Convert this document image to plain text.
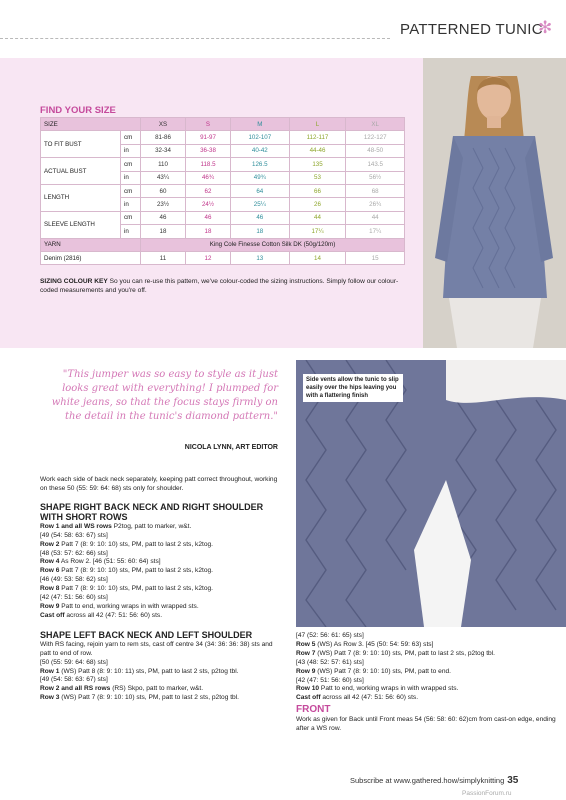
PATTERNED TUNIC
✻
FIND YOUR SIZE
SIZE		XS	S	M	L	XL
TO FIT BUST	cm	81-86	91-97	102-107	112-117	122-127
	in	32-34	36-38	40-42	44-46	48-50
ACTUAL BUST	cm	110	118.5	126.5	135	143.5
	in	43¼	46¾	49¾	53	56½
LENGTH	cm	60	62	64	66	68
	in	23½	24½	25¼	26	26¾
SLEEVE LENGTH	cm	46	46	46	44	44
	in	18	18	18	17¼	17¼
YARN		King Cole Finesse Cotton Silk DK (50g/120m)				
Denim (2816)		11	12	13	14	15
SIZING COLOUR KEY So you can re-use this pattern, we've colour-coded the sizing instructions. Simply follow our colour-coded measurements and you're off.
"This jumper was so easy to style as it just looks great with everything! I plumped for white jeans, so that the focus stays firmly on the detail in the tunic's diamond pattern."
NICOLA LYNN, ART EDITOR
Side vents allow the tunic to slip easily over the hips leaving you with a flattering finish
Work each side of back neck separately, keeping patt correct throughout, working on these 50 (55: 59: 64: 68) sts only for shoulder.
SHAPE RIGHT BACK NECK AND RIGHT SHOULDER WITH SHORT ROWS
Row 1 and all WS rows P2tog, patt to marker, w&t.
[49 (54: 58: 63: 67) sts]
Row 2 Patt 7 (8: 9: 10: 10) sts, PM, patt to last 2 sts, k2tog.
[48 (53: 57: 62: 66) sts]
Row 4 As Row 2. [46 (51: 55: 60: 64) sts]
Row 6 Patt 7 (8: 9: 10: 10) sts, PM, patt to last 2 sts, k2tog.
[46 (49: 53: 58: 62) sts]
Row 8 Patt 7 (8: 9: 10: 10) sts, PM, patt to last 2 sts, k2tog.
[42 (47: 51: 56: 60) sts]
Row 9 Patt to end, working wraps in with wrapped sts.
Cast off across all 42 (47: 51: 56: 60) sts.
SHAPE LEFT BACK NECK AND LEFT SHOULDER
With RS facing, rejoin yarn to rem sts, cast off centre 34 (34: 36: 36: 38) sts and patt to end of row.
[50 (55: 59: 64: 68) sts]
Row 1 (WS) Patt 8 (8: 9: 10: 11) sts, PM, patt to last 2 sts, p2tog tbl.
[49 (54: 58: 63: 67) sts]
Row 2 and all RS rows (RS) Skpo, patt to marker, w&t.
Row 3 (WS) Patt 7 (8: 9: 10: 10) sts, PM, patt to last 2 sts, p2tog tbl.
[47 (52: 56: 61: 65) sts]
Row 5 (WS) As Row 3. [45 (50: 54: 59: 63) sts]
Row 7 (WS) Patt 7 (8: 9: 10: 10) sts, PM, patt to last 2 sts, p2tog tbl.
[43 (48: 52: 57: 61) sts]
Row 9 (WS) Patt 7 (8: 9: 10: 10) sts, PM, patt to end.
[42 (47: 51: 56: 60) sts]
Row 10 Patt to end, working wraps in with wrapped sts.
Cast off across all 42 (47: 51: 56: 60) sts.
FRONT
Work as given for Back until Front meas 54 (56: 58: 60: 62)cm from cast-on edge, ending after a WS row.
Subscribe at www.gathered.how/simplyknitting 35
PassionForum.ru
